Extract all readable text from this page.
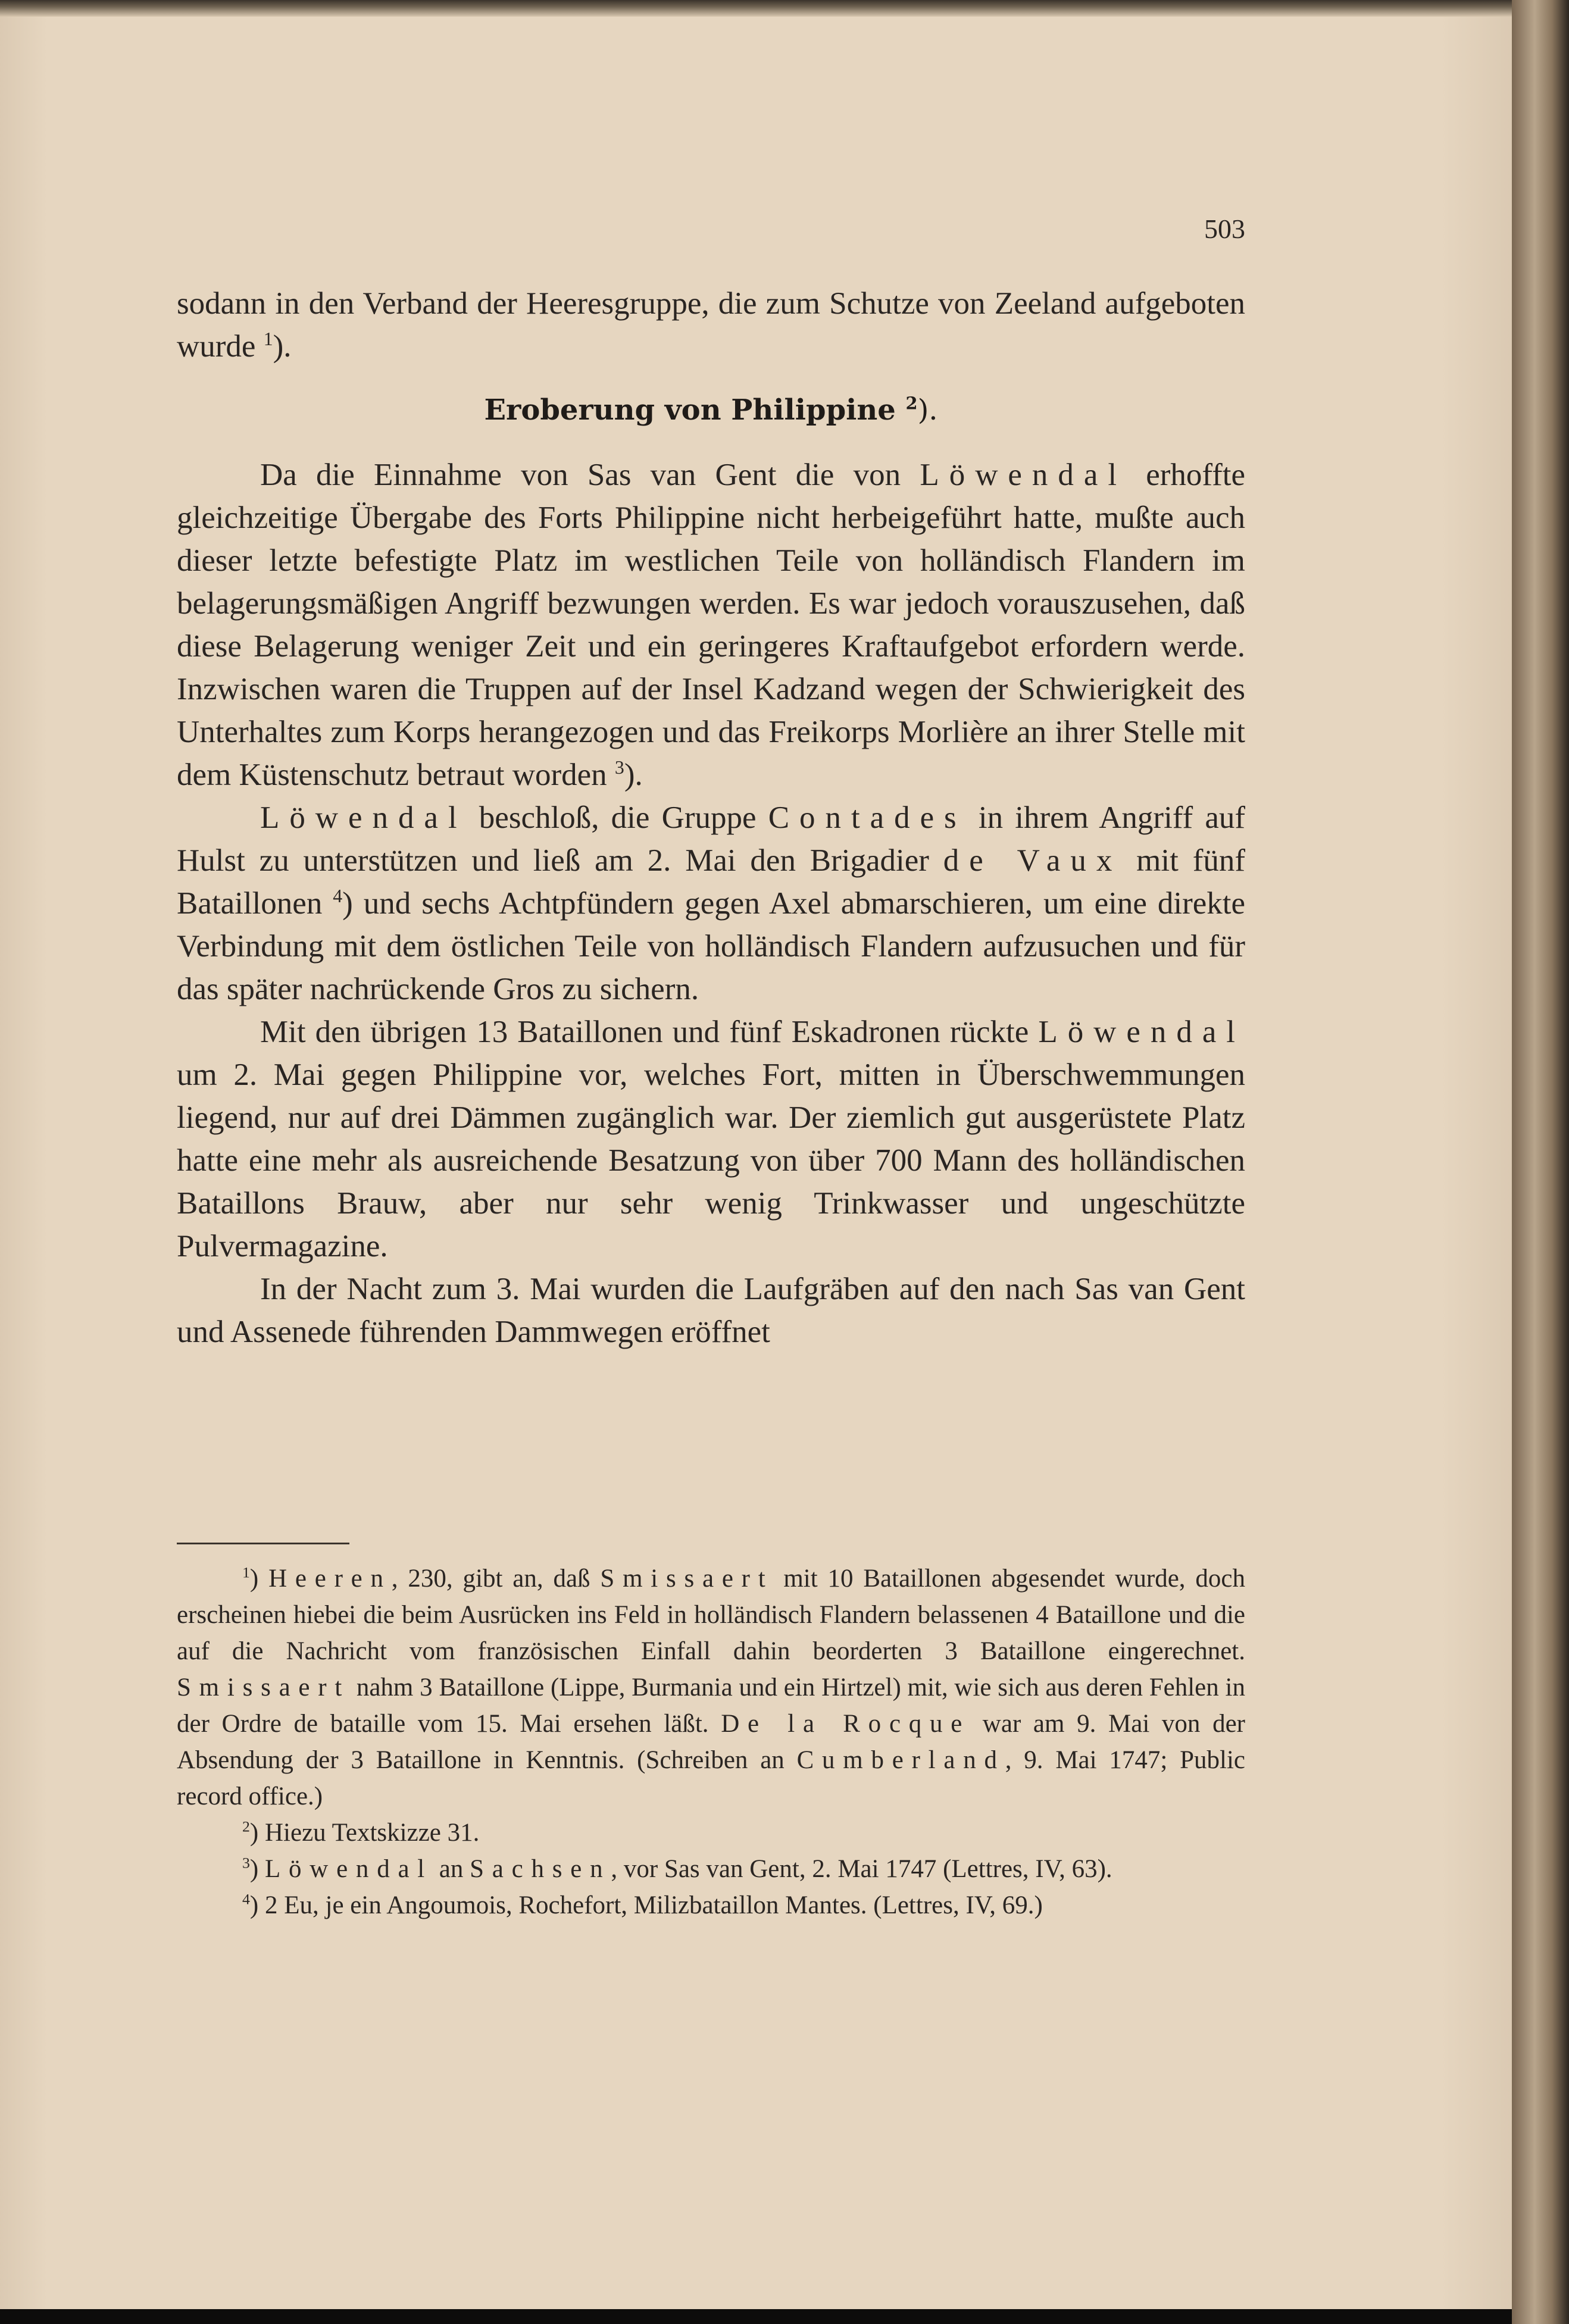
503

sodann in den Verband der Heeresgruppe, die zum Schutze von Zeeland aufgeboten wurde $^1$).

Eroberung von Philippine $^2$).

Da die Einnahme von Sas van Gent die von Löwendal erhoffte gleichzeitige Übergabe des Forts Philippine nicht herbeigeführt hatte, mußte auch dieser letzte befestigte Platz im westlichen Teile von holländisch Flandern im belagerungsmäßigen Angriff bezwungen werden. Es war jedoch vorauszusehen, daß diese Belagerung weniger Zeit und ein geringeres Kraftaufgebot erfordern werde. Inzwischen waren die Truppen auf der Insel Kadzand wegen der Schwierigkeit des Unterhaltes zum Korps herangezogen und das Freikorps Morlière an ihrer Stelle mit dem Küstenschutz betraut worden $^3$).

Löwendal beschloß, die Gruppe Contades in ihrem Angriff auf Hulst zu unterstützen und ließ am 2. Mai den Brigadier de Vaux mit fünf Bataillonen $^4$) und sechs Achtpfündern gegen Axel abmarschieren, um eine direkte Verbindung mit dem östlichen Teile von holländisch Flandern aufzusuchen und für das später nachrückende Gros zu sichern.

Mit den übrigen 13 Bataillonen und fünf Eskadronen rückte Löwendal um 2. Mai gegen Philippine vor, welches Fort, mitten in Überschwemmungen liegend, nur auf drei Dämmen zugänglich war. Der ziemlich gut ausgerüstete Platz hatte eine mehr als ausreichende Besatzung von über 700 Mann des holländischen Bataillons Brauw, aber nur sehr wenig Trinkwasser und ungeschützte Pulvermagazine.

In der Nacht zum 3. Mai wurden die Laufgräben auf den nach Sas van Gent und Assenede führenden Dammwegen eröffnet

$^1$) Heeren, 230, gibt an, daß Smissaert mit 10 Bataillonen abgesendet wurde, doch erscheinen hiebei die beim Ausrücken ins Feld in holländisch Flandern belassenen 4 Bataillone und die auf die Nachricht vom französischen Einfall dahin beorderten 3 Bataillone eingerechnet. Smissaert nahm 3 Bataillone (Lippe, Burmania und ein Hirtzel) mit, wie sich aus deren Fehlen in der Ordre de bataille vom 15. Mai ersehen läßt. De la Rocque war am 9. Mai von der Absendung der 3 Bataillone in Kenntnis. (Schreiben an Cumberland, 9. Mai 1747; Public record office.)

$^2$) Hiezu Textskizze 31.

$^3$) Löwendal an Sachsen, vor Sas van Gent, 2. Mai 1747 (Lettres, IV, 63).

$^4$) 2 Eu, je ein Angoumois, Rochefort, Milizbataillon Mantes. (Lettres, IV, 69.)
